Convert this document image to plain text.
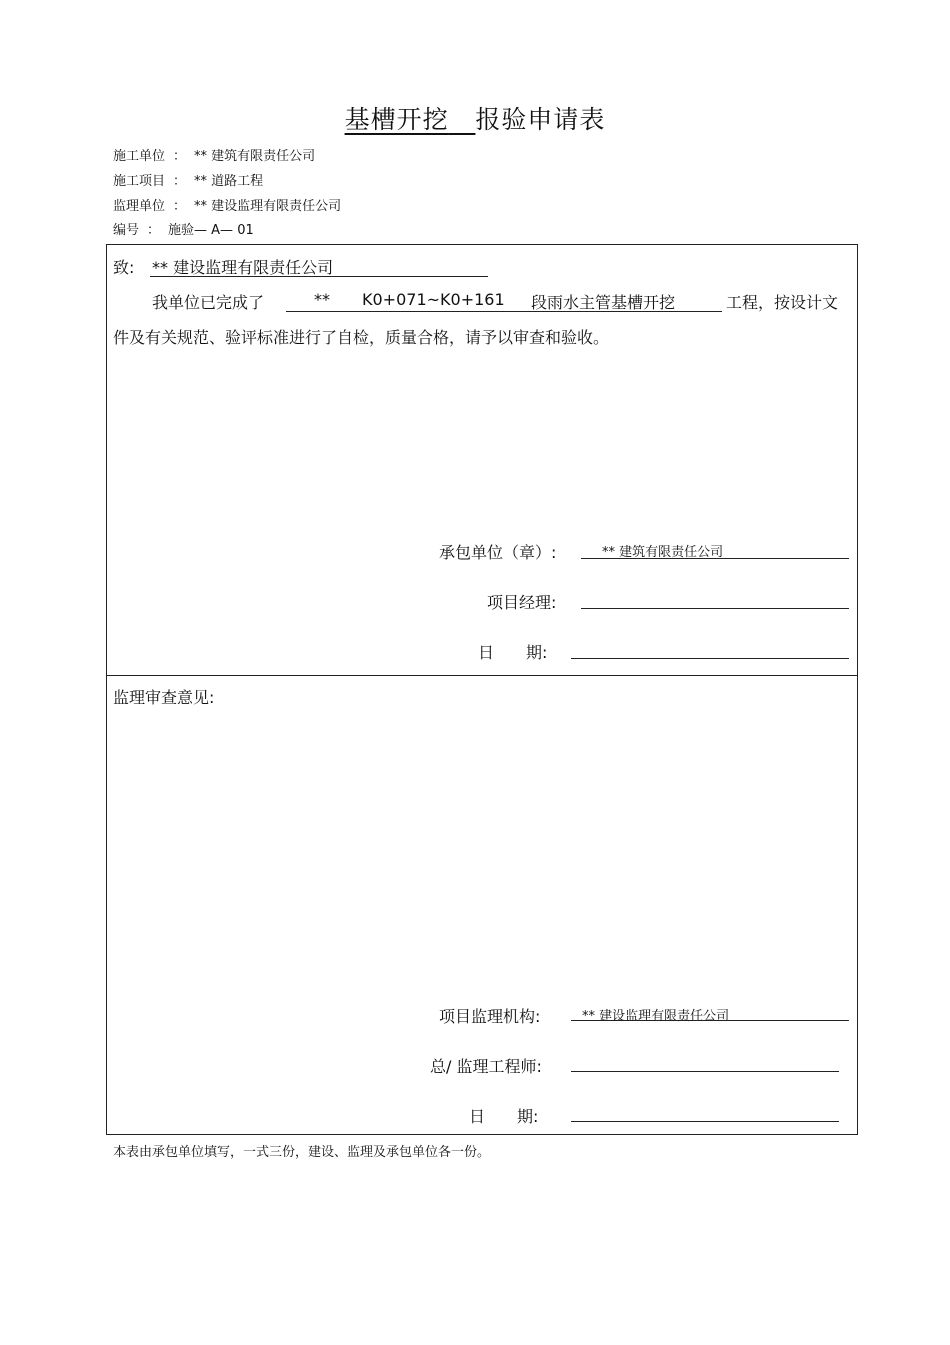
基槽开挖 报验申请表
施工单位 ： ** 建筑有限责任公司
施工项目 ： ** 道路工程
监理单位 ： ** 建设监理有限责任公司
编号 ： 施验— A— 01
致: ** 建设监理有限责任公司
我单位已完成了	** K0+071~K0+161 段雨水主管基槽开挖	工程，按设计文
件及有关规范、验评标准进行了自检，质量合格，请予以审查和验收。
承包单位（章）:	** 建筑有限责任公司
项目经理:
日　　期:
监理审查意见:
项目监理机构:	** 建设监理有限责任公司
总/ 监理工程师:
日　　期:
本表由承包单位填写，一式三份，建设、监理及承包单位各一份。
